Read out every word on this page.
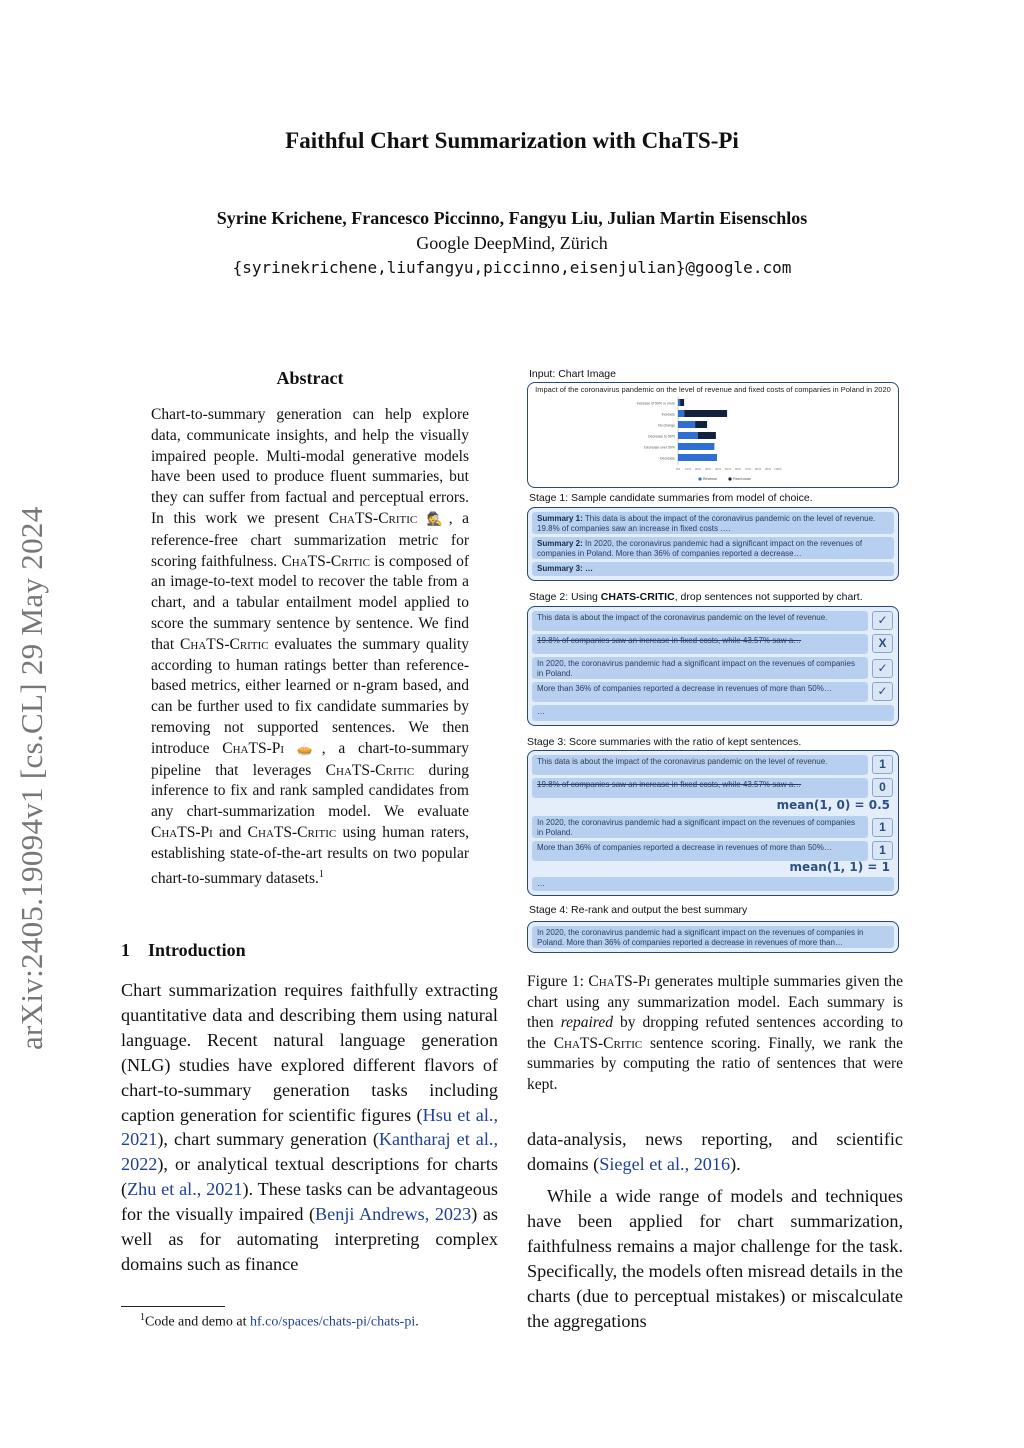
Faithful Chart Summarization with ChaTS-Pi
Syrine Krichene, Francesco Piccinno, Fangyu Liu, Julian Martin Eisenschlos
Google DeepMind, Zürich
{syrinekrichene,liufangyu,piccinno,eisenjulian}@google.com
arXiv:2405.19094v1 [cs.CL] 29 May 2024
Abstract
Chart-to-summary generation can help explore data, communicate insights, and help the visually impaired people. Multi-modal generative models have been used to produce fluent summaries, but they can suffer from factual and perceptual errors. In this work we present ChaTS-Critic 🕵, a reference-free chart summarization metric for scoring faithfulness. ChaTS-Critic is composed of an image-to-text model to recover the table from a chart, and a tabular entailment model applied to score the summary sentence by sentence. We find that ChaTS-Critic evaluates the summary quality according to human ratings better than reference-based metrics, either learned or n-gram based, and can be further used to fix candidate summaries by removing not supported sentences. We then introduce ChaTS-Pi 🥧, a chart-to-summary pipeline that leverages ChaTS-Critic during inference to fix and rank sampled candidates from any chart-summarization model. We evaluate ChaTS-Pi and ChaTS-Critic using human raters, establishing state-of-the-art results on two popular chart-to-summary datasets.$^1$
1 Introduction
Chart summarization requires faithfully extracting quantitative data and describing them using natural language. Recent natural language generation (NLG) studies have explored different flavors of chart-to-summary generation tasks including caption generation for scientific figures (Hsu et al., 2021), chart summary generation (Kantharaj et al., 2022), or analytical textual descriptions for charts (Zhu et al., 2021). These tasks can be advantageous for the visually impaired (Benji Andrews, 2023) as well as for automating interpreting complex domains such as finance
$^1$Code and demo at hf.co/spaces/chats-pi/chats-pi.
Input: Chart Image
Impact of the coronavirus pandemic on the level of revenue and fixed costs of companies in Poland in 2020
Increase of 50% or more
Increase
No change
Decrease to 50%
Decrease over 50%
Decrease
0% 10% 20% 30% 40% 50% 60% 70% 80% 90% 100%
Revenue	Fixed costs
Stage 1: Sample candidate summaries from model of choice.
Summary 1: This data is about the impact of the coronavirus pandemic on the level of revenue. 19.8% of companies saw an increase in fixed costs ….
Summary 2: In 2020, the coronavirus pandemic had a significant impact on the revenues of companies in Poland. More than 36% of companies reported a decrease…
Summary 3: …
Stage 2: Using CHATS-CRITIC, drop sentences not supported by chart.
This data is about the impact of the coronavirus pandemic on the level of revenue.	✓
19.8% of companies saw an increase in fixed costs, while 43.57% saw a…	X
In 2020, the coronavirus pandemic had a significant impact on the revenues of companies in Poland.	✓
More than 36% of companies reported a decrease in revenues of more than 50%…	✓
…
Stage 3: Score summaries with the ratio of kept sentences.
This data is about the impact of the coronavirus pandemic on the level of revenue.	1
19.8% of companies saw an increase in fixed costs, while 43.57% saw a…	0
mean(1, 0) = 0.5
In 2020, the coronavirus pandemic had a significant impact on the revenues of companies in Poland.	1
More than 36% of companies reported a decrease in revenues of more than 50%…	1
mean(1, 1) = 1
…
Stage 4: Re-rank and output the best summary
In 2020, the coronavirus pandemic had a significant impact on the revenues of companies in Poland. More than 36% of companies reported a decrease in revenues of more than…
Figure 1: ChaTS-Pi generates multiple summaries given the chart using any summarization model. Each summary is then repaired by dropping refuted sentences according to the ChaTS-Critic sentence scoring. Finally, we rank the summaries by computing the ratio of sentences that were kept.
data-analysis, news reporting, and scientific domains (Siegel et al., 2016).
While a wide range of models and techniques have been applied for chart summarization, faithfulness remains a major challenge for the task. Specifically, the models often misread details in the charts (due to perceptual mistakes) or miscalculate the aggregations
